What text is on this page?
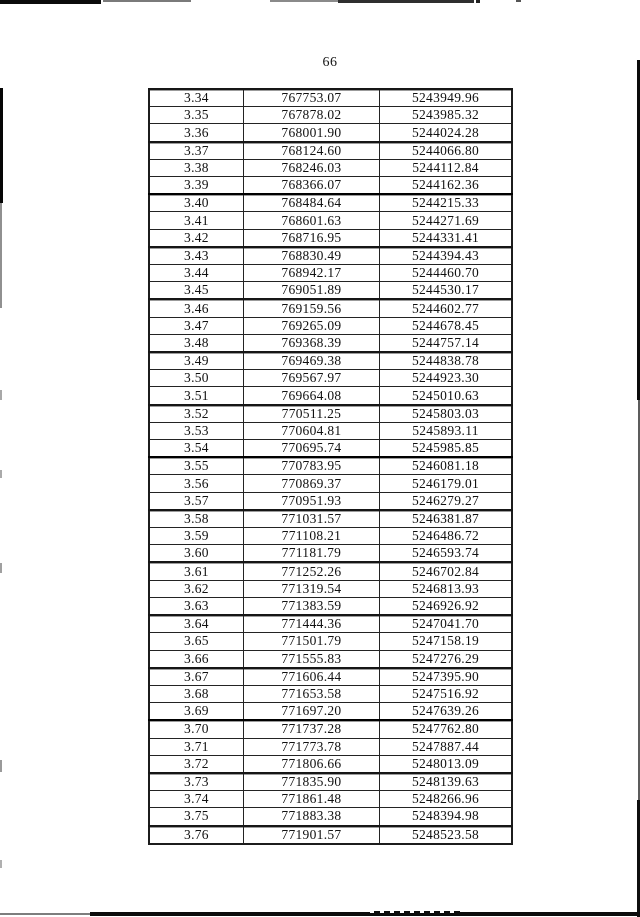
66
3.34	767753.07	5243949.96
3.35	767878.02	5243985.32
3.36	768001.90	5244024.28
3.37	768124.60	5244066.80
3.38	768246.03	5244112.84
3.39	768366.07	5244162.36
3.40	768484.64	5244215.33
3.41	768601.63	5244271.69
3.42	768716.95	5244331.41
3.43	768830.49	5244394.43
3.44	768942.17	5244460.70
3.45	769051.89	5244530.17
3.46	769159.56	5244602.77
3.47	769265.09	5244678.45
3.48	769368.39	5244757.14
3.49	769469.38	5244838.78
3.50	769567.97	5244923.30
3.51	769664.08	5245010.63
3.52	770511.25	5245803.03
3.53	770604.81	5245893.11
3.54	770695.74	5245985.85
3.55	770783.95	5246081.18
3.56	770869.37	5246179.01
3.57	770951.93	5246279.27
3.58	771031.57	5246381.87
3.59	771108.21	5246486.72
3.60	771181.79	5246593.74
3.61	771252.26	5246702.84
3.62	771319.54	5246813.93
3.63	771383.59	5246926.92
3.64	771444.36	5247041.70
3.65	771501.79	5247158.19
3.66	771555.83	5247276.29
3.67	771606.44	5247395.90
3.68	771653.58	5247516.92
3.69	771697.20	5247639.26
3.70	771737.28	5247762.80
3.71	771773.78	5247887.44
3.72	771806.66	5248013.09
3.73	771835.90	5248139.63
3.74	771861.48	5248266.96
3.75	771883.38	5248394.98
3.76	771901.57	5248523.58
